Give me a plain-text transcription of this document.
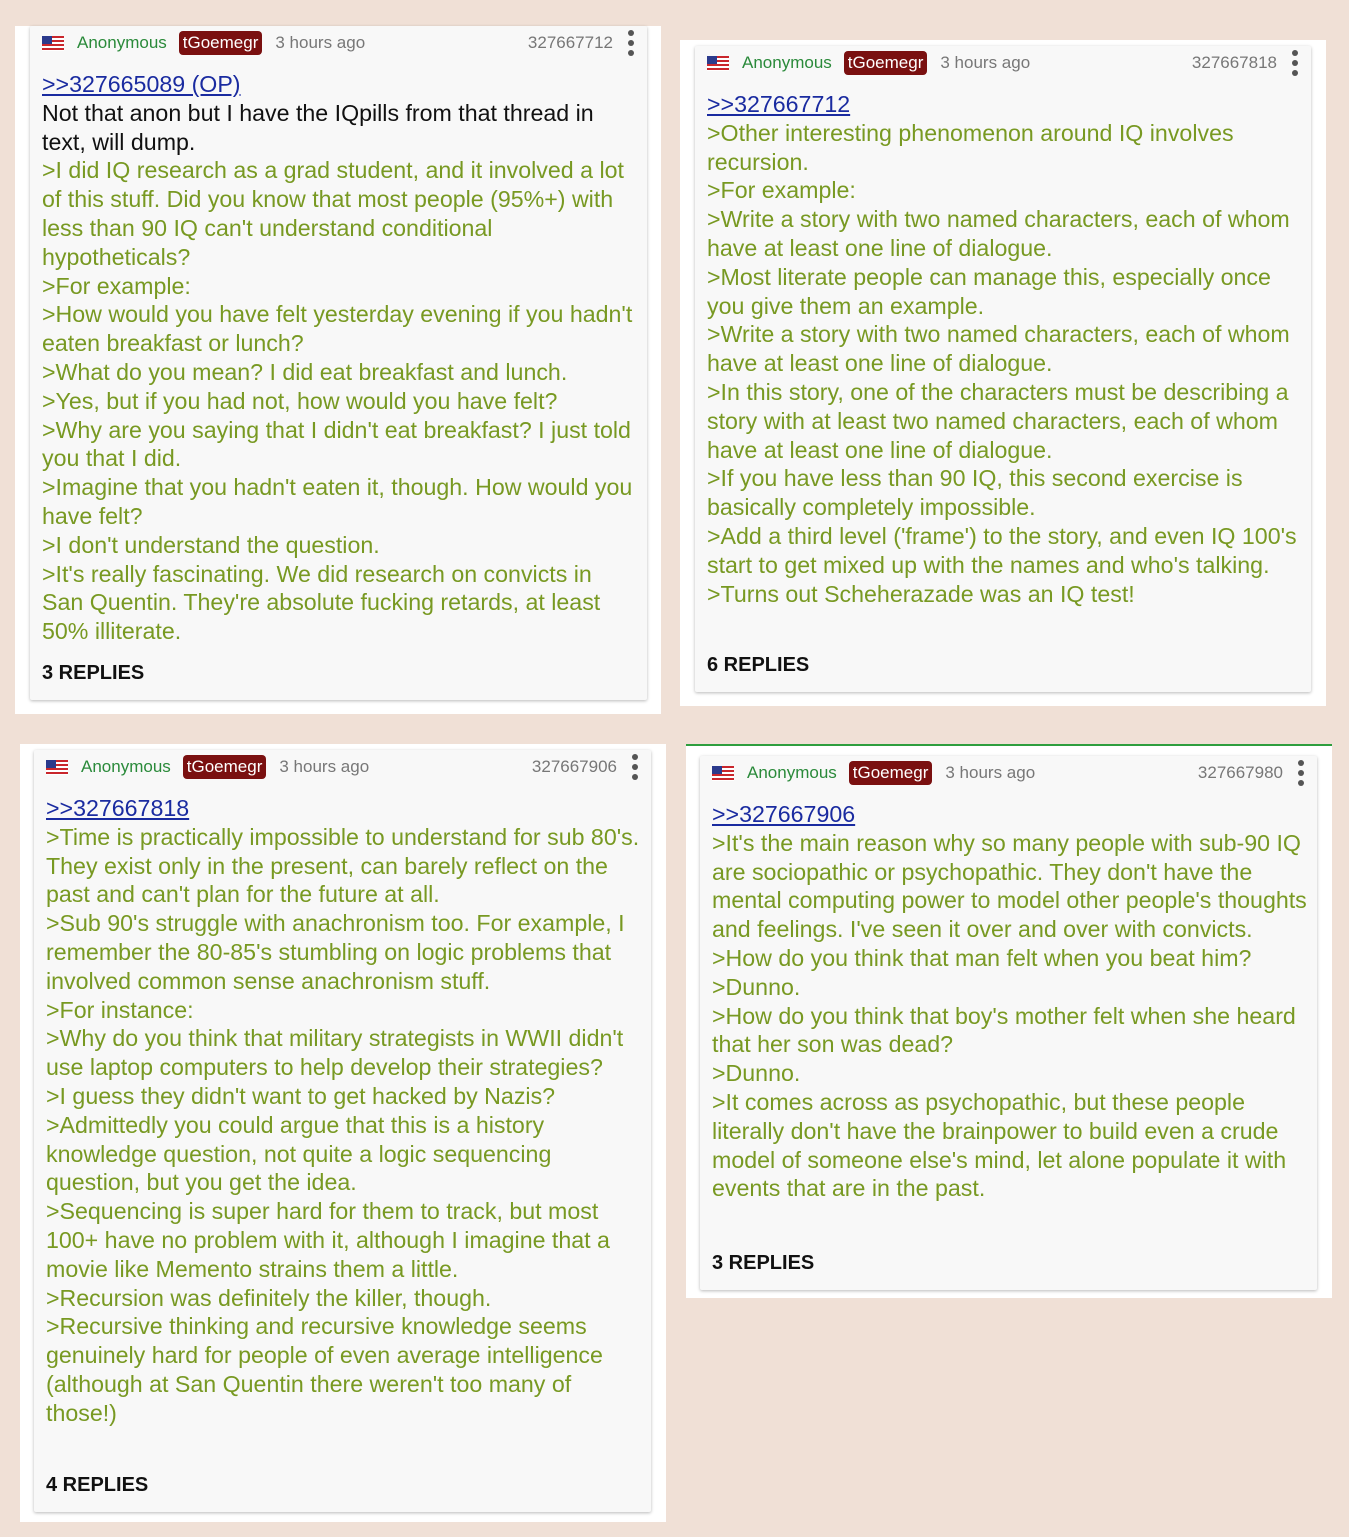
Anonymous tGoemegr 3 hours ago	327667712
>>327665089 (OP)
Not that anon but I have the IQpills from that thread in text, will dump.
>I did IQ research as a grad student, and it involved a lot of this stuff. Did you know that most people (95%+) with less than 90 IQ can't understand conditional hypotheticals?
>For example:
>How would you have felt yesterday evening if you hadn't eaten breakfast or lunch?
>What do you mean? I did eat breakfast and lunch.
>Yes, but if you had not, how would you have felt?
>Why are you saying that I didn't eat breakfast? I just told you that I did.
>Imagine that you hadn't eaten it, though. How would you have felt?
>I don't understand the question.
>It's really fascinating. We did research on convicts in San Quentin. They're absolute fucking retards, at least 50% illiterate.
3 REPLIES
Anonymous tGoemegr 3 hours ago	327667818
>>327667712
>Other interesting phenomenon around IQ involves recursion.
>For example:
>Write a story with two named characters, each of whom have at least one line of dialogue.
>Most literate people can manage this, especially once you give them an example.
>Write a story with two named characters, each of whom have at least one line of dialogue.
>In this story, one of the characters must be describing a story with at least two named characters, each of whom have at least one line of dialogue.
>If you have less than 90 IQ, this second exercise is basically completely impossible.
>Add a third level ('frame') to the story, and even IQ 100's start to get mixed up with the names and who's talking.
>Turns out Scheherazade was an IQ test!
6 REPLIES
Anonymous tGoemegr 3 hours ago	327667906
>>327667818
>Time is practically impossible to understand for sub 80's. They exist only in the present, can barely reflect on the past and can't plan for the future at all.
>Sub 90's struggle with anachronism too. For example, I remember the 80-85's stumbling on logic problems that involved common sense anachronism stuff.
>For instance:
>Why do you think that military strategists in WWII didn't use laptop computers to help develop their strategies?
>I guess they didn't want to get hacked by Nazis?
>Admittedly you could argue that this is a history knowledge question, not quite a logic sequencing question, but you get the idea.
>Sequencing is super hard for them to track, but most 100+ have no problem with it, although I imagine that a movie like Memento strains them a little.
>Recursion was definitely the killer, though.
>Recursive thinking and recursive knowledge seems genuinely hard for people of even average intelligence (although at San Quentin there weren't too many of those!)
4 REPLIES
Anonymous tGoemegr 3 hours ago	327667980
>>327667906
>It's the main reason why so many people with sub-90 IQ are sociopathic or psychopathic. They don't have the mental computing power to model other people's thoughts and feelings. I've seen it over and over with convicts.
>How do you think that man felt when you beat him?
>Dunno.
>How do you think that boy's mother felt when she heard that her son was dead?
>Dunno.
>It comes across as psychopathic, but these people literally don't have the brainpower to build even a crude model of someone else's mind, let alone populate it with events that are in the past.
3 REPLIES
